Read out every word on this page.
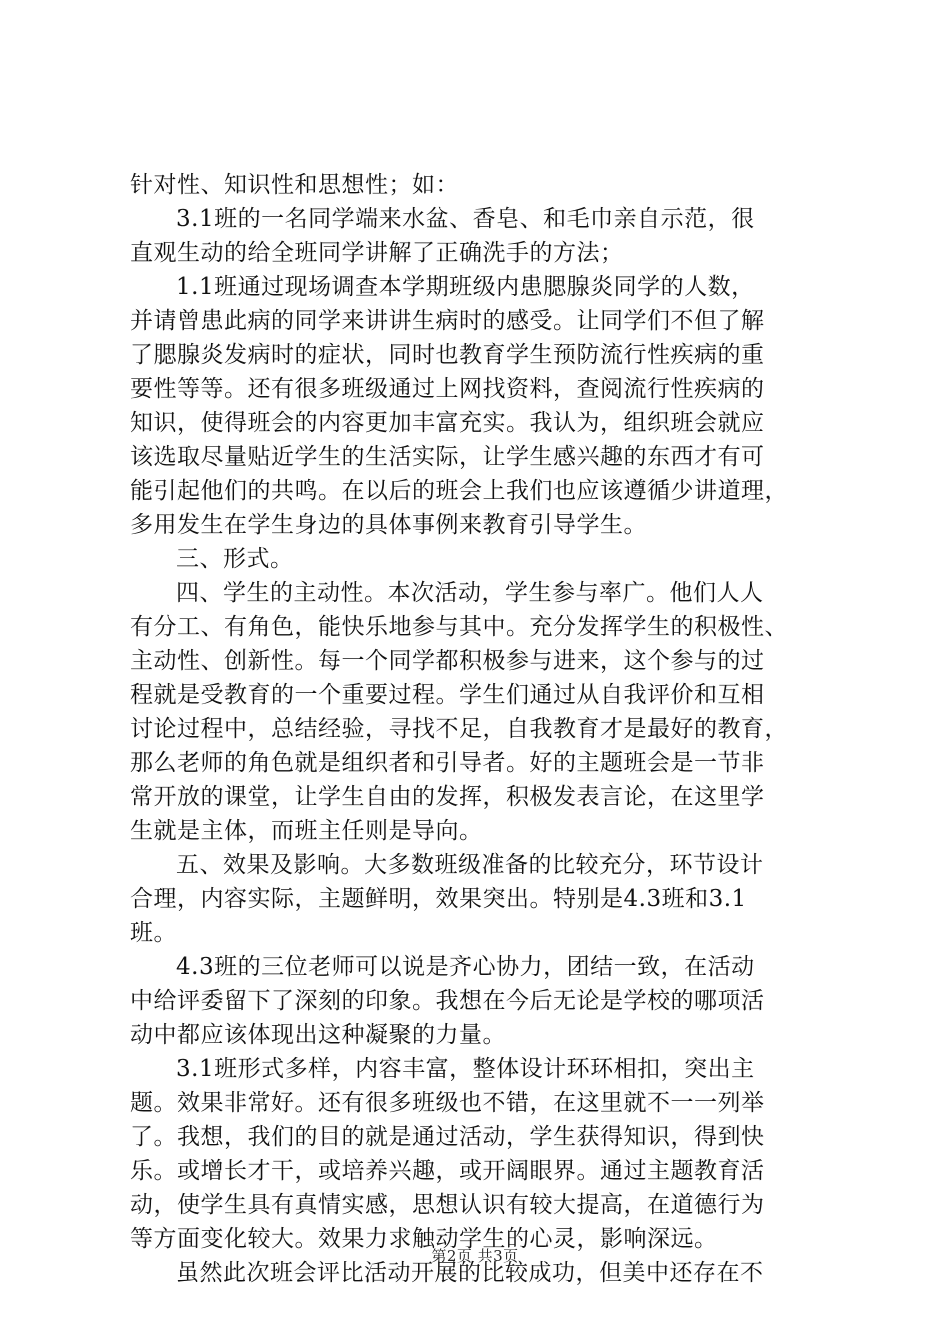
针对性、知识性和思想性；如：

3.1班的一名同学端来水盆、香皂、和毛巾亲自示范，很
直观生动的给全班同学讲解了正确洗手的方法；

1.1班通过现场调查本学期班级内患腮腺炎同学的人数，
并请曾患此病的同学来讲讲生病时的感受。让同学们不但了解
了腮腺炎发病时的症状，同时也教育学生预防流行性疾病的重
要性等等。还有很多班级通过上网找资料，查阅流行性疾病的
知识，使得班会的内容更加丰富充实。我认为，组织班会就应
该选取尽量贴近学生的生活实际，让学生感兴趣的东西才有可
能引起他们的共鸣。在以后的班会上我们也应该遵循少讲道理，
多用发生在学生身边的具体事例来教育引导学生。

三、形式。

四、学生的主动性。本次活动，学生参与率广。他们人人
有分工、有角色，能快乐地参与其中。充分发挥学生的积极性、
主动性、创新性。每一个同学都积极参与进来，这个参与的过
程就是受教育的一个重要过程。学生们通过从自我评价和互相
讨论过程中，总结经验，寻找不足，自我教育才是最好的教育，
那么老师的角色就是组织者和引导者。好的主题班会是一节非
常开放的课堂，让学生自由的发挥，积极发表言论，在这里学
生就是主体，而班主任则是导向。

五、效果及影响。大多数班级准备的比较充分，环节设计
合理，内容实际，主题鲜明，效果突出。特别是4.3班和3.1
班。

4.3班的三位老师可以说是齐心协力，团结一致，在活动
中给评委留下了深刻的印象。我想在今后无论是学校的哪项活
动中都应该体现出这种凝聚的力量。

3.1班形式多样，内容丰富，整体设计环环相扣，突出主
题。效果非常好。还有很多班级也不错，在这里就不一一列举
了。我想，我们的目的就是通过活动，学生获得知识，得到快
乐。或增长才干，或培养兴趣，或开阔眼界。通过主题教育活
动，使学生具有真情实感，思想认识有较大提高，在道德行为
等方面变化较大。效果力求触动学生的心灵，影响深远。

虽然此次班会评比活动开展的比较成功，但美中还存在不

第2页 共3页
